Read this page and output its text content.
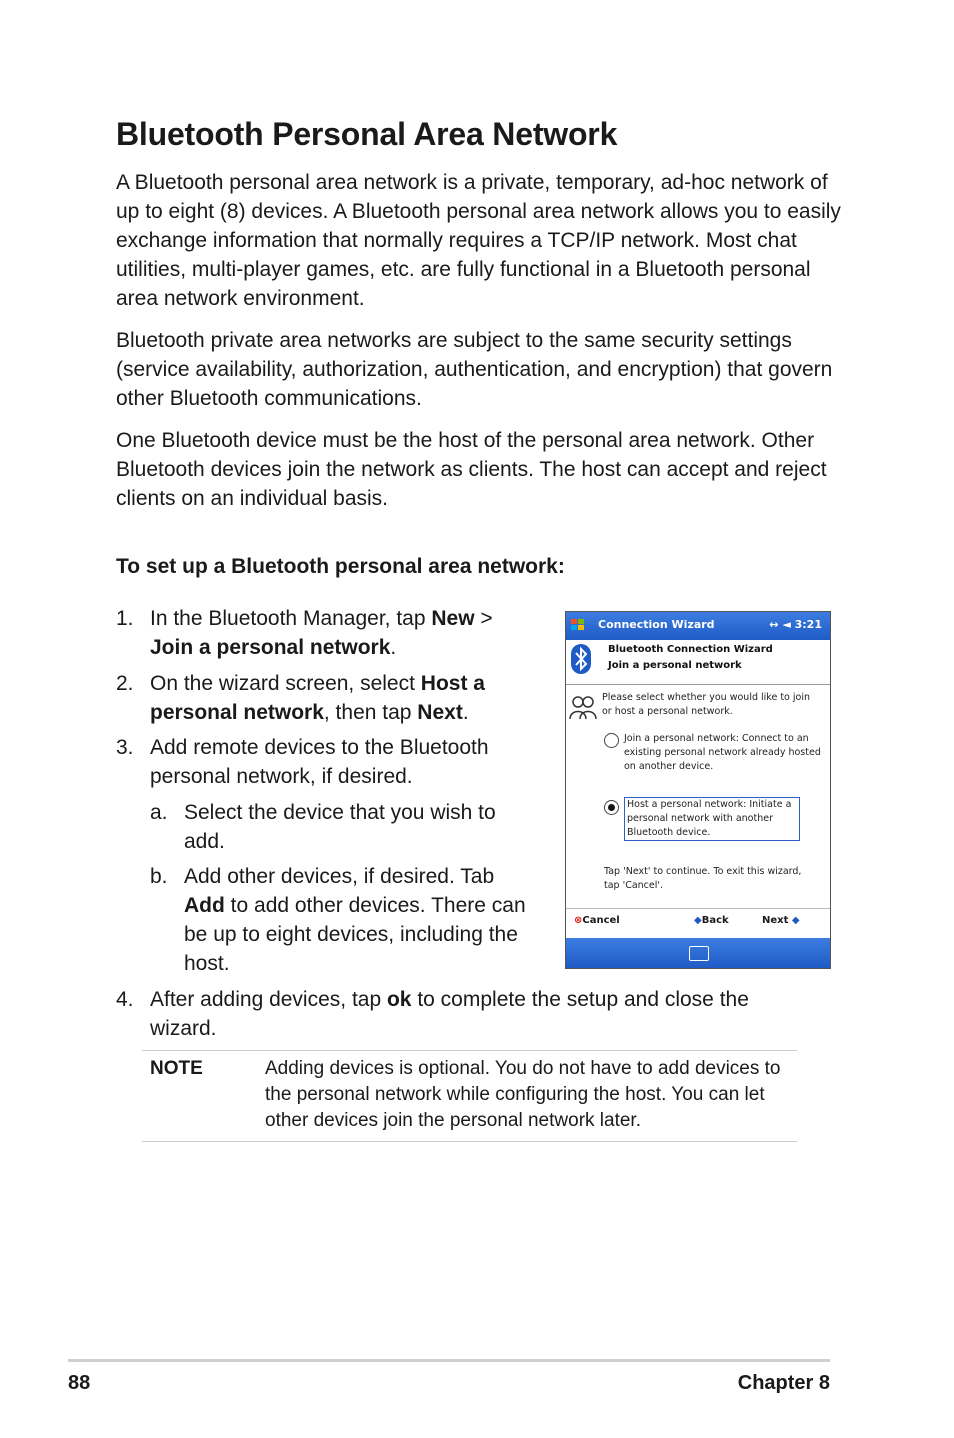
Bluetooth Personal Area Network

A Bluetooth personal area network is a private, temporary, ad-hoc network of up to eight (8) devices. A Bluetooth personal area network allows you to easily exchange information that normally requires a TCP/IP network. Most chat utilities, multi-player games, etc. are fully functional in a Bluetooth personal area network environment.

Bluetooth private area networks are subject to the same security settings (service availability, authorization, authentication, and encryption) that govern other Bluetooth communications.

One Bluetooth device must be the host of the personal area network. Other Bluetooth devices join the network as clients. The host can accept and reject clients on an individual basis.

To set up a Bluetooth personal area network:
1. In the Bluetooth Manager, tap New >
Join a personal network.
2. On the wizard screen, select Host a
personal network, then tap Next.
3. Add remote devices to the Bluetooth
personal network, if desired.
a. Select the device that you wish to
add.
b. Add other devices, if desired. Tab
Add to add other devices. There can
be up to eight devices, including the
host.
4. After adding devices, tap ok to complete the setup and close the
wizard.
Connection Wizard	↔ ◄ 3:21
Bluetooth Connection Wizard
Join a personal network
Please select whether you would like to join or host a personal network.
Join a personal network: Connect to an existing personal network already hosted on another device.
Host a personal network: Initiate a personal network with another Bluetooth device.
Tap 'Next' to continue. To exit this wizard, tap 'Cancel'.
⊗Cancel	◆Back	Next ◆
NOTE	Adding devices is optional. You do not have to add devices to the personal network while configuring the host. You can let other devices join the personal network later.

88	Chapter 8
